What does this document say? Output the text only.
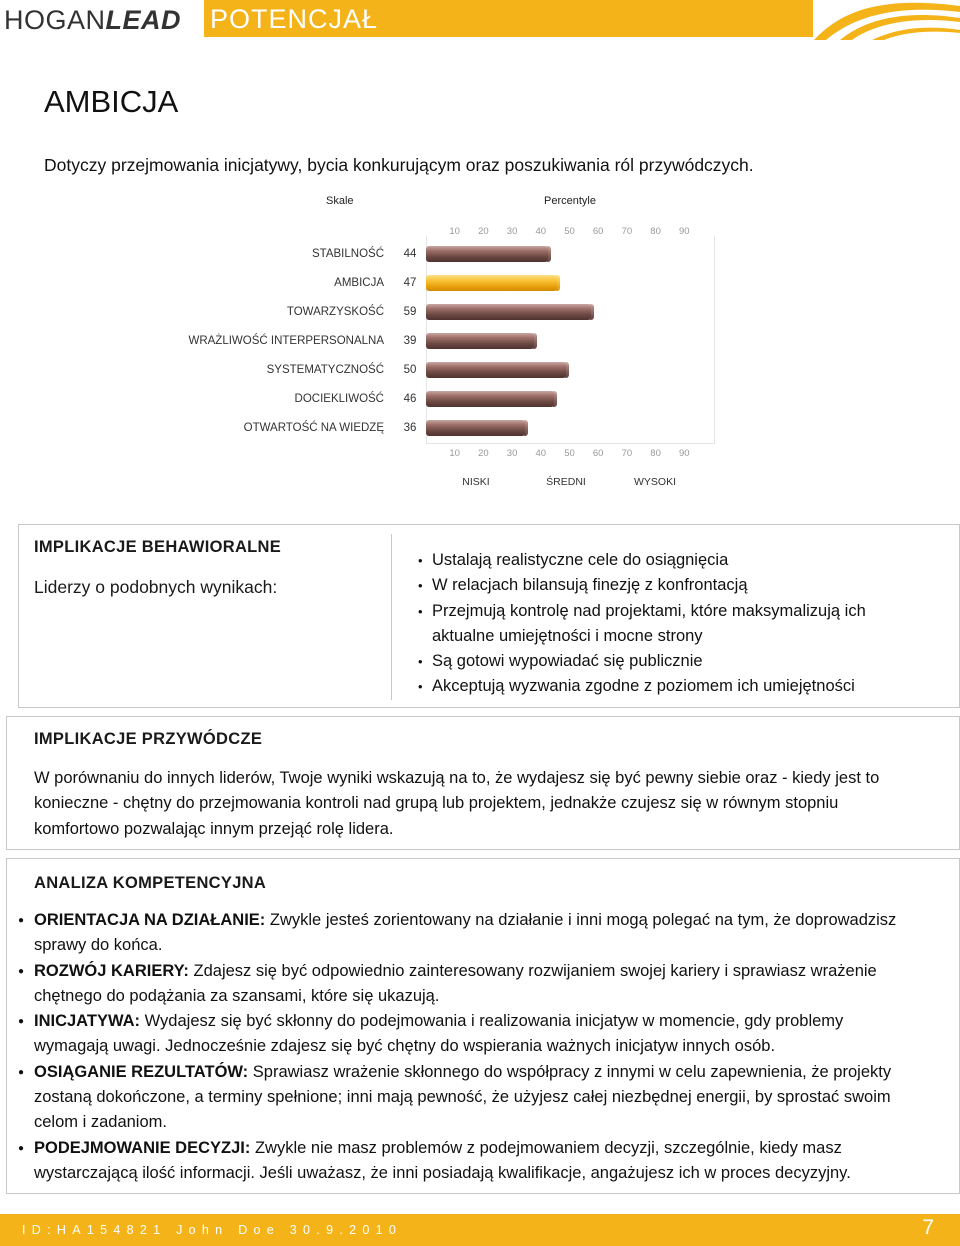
HOGANLEAD POTENCJAŁ
AMBICJA
Dotyczy przejmowania inicjatywy, bycia konkurującym oraz poszukiwania ról przywódczych.
Skale	Percentyle
10
10
20
20
30
30
40
40
50
50
60
60
70
70
80
80
90
90
STABILNOŚĆ	44
AMBICJA	47
TOWARZYSKOŚĆ	59
WRAŻLIWOŚĆ INTERPERSONALNA	39
SYSTEMATYCZNOŚĆ	50
DOCIEKLIWOŚĆ	46
OTWARTOŚĆ NA WIEDZĘ	36
NISKI	ŚREDNI	WYSOKI
IMPLIKACJE BEHAWIORALNE
Liderzy o podobnych wynikach:
• Ustalają realistyczne cele do osiągnięcia
• W relacjach bilansują finezję z konfrontacją
• Przejmują kontrolę nad projektami, które maksymalizują ich aktualne umiejętności i mocne strony
• Są gotowi wypowiadać się publicznie
• Akceptują wyzwania zgodne z poziomem ich umiejętności
IMPLIKACJE PRZYWÓDCZE
W porównaniu do innych liderów, Twoje wyniki wskazują na to, że wydajesz się być pewny siebie oraz - kiedy jest to konieczne - chętny do przejmowania kontroli nad grupą lub projektem, jednakże czujesz się w równym stopniu komfortowo pozwalając innym przejąć rolę lidera.
ANALIZA KOMPETENCYJNA
● ORIENTACJA NA DZIAŁANIE: Zwykle jesteś zorientowany na działanie i inni mogą polegać na tym, że doprowadzisz sprawy do końca.
● ROZWÓJ KARIERY: Zdajesz się być odpowiednio zainteresowany rozwijaniem swojej kariery i sprawiasz wrażenie chętnego do podążania za szansami, które się ukazują.
● INICJATYWA: Wydajesz się być skłonny do podejmowania i realizowania inicjatyw w momencie, gdy problemy wymagają uwagi. Jednocześnie zdajesz się być chętny do wspierania ważnych inicjatyw innych osób.
● OSIĄGANIE REZULTATÓW: Sprawiasz wrażenie skłonnego do współpracy z innymi w celu zapewnienia, że projekty zostaną dokończone, a terminy spełnione; inni mają pewność, że użyjesz całej niezbędnej energii, by sprostać swoim celom i zadaniom.
● PODEJMOWANIE DECYZJI: Zwykle nie masz problemów z podejmowaniem decyzji, szczególnie, kiedy masz wystarczającą ilość informacji. Jeśli uważasz, że inni posiadają kwalifikacje, angażujesz ich w proces decyzyjny.
ID:HA154821 John Doe 30.9.2010	7
